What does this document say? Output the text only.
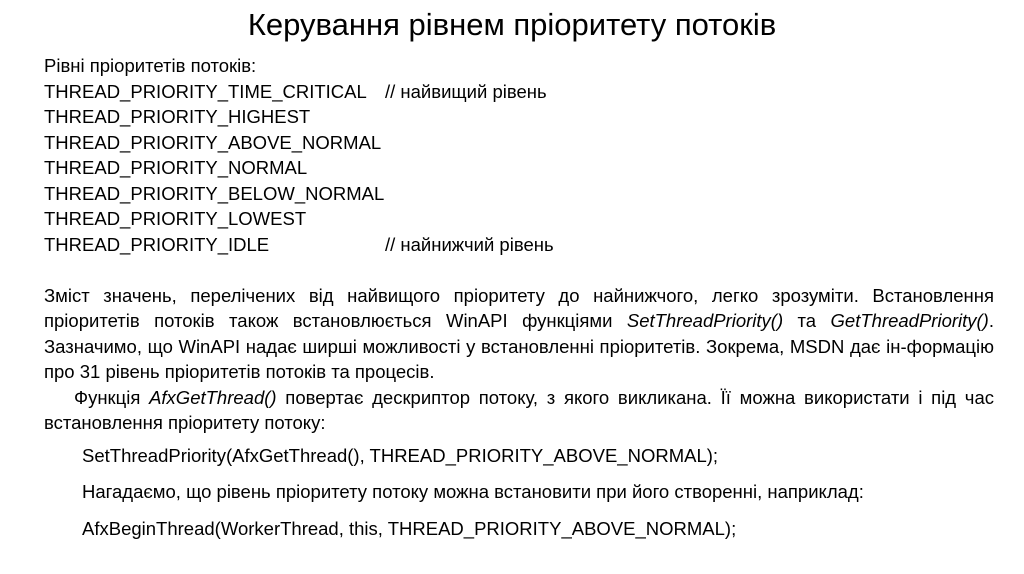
Керування рівнем пріоритету потоків
Рівні пріоритетів потоків:
THREAD_PRIORITY_TIME_CRITICAL // найвищий рівень
THREAD_PRIORITY_HIGHEST
THREAD_PRIORITY_ABOVE_NORMAL
THREAD_PRIORITY_NORMAL
THREAD_PRIORITY_BELOW_NORMAL
THREAD_PRIORITY_LOWEST
THREAD_PRIORITY_IDLE	// найнижчий рівень
Зміст значень, перелічених від найвищого пріоритету до найнижчого, легко зрозуміти. Встановлення пріоритетів потоків також встановлюється WinAPI функціями SetThreadPriority() та GetThreadPriority(). Зазначимо, що WinAPI надає ширші можливості у встановленні пріоритетів. Зокрема, MSDN дає ін-формацію про 31 рівень пріоритетів потоків та процесів.
Функція AfxGetThread() повертає дескриптор потоку, з якого викликана. Її можна використати і під час встановлення пріоритету потоку:
SetThreadPriority(AfxGetThread(), THREAD_PRIORITY_ABOVE_NORMAL);
Нагадаємо, що рівень пріоритету потоку можна встановити при його створенні, наприклад:
AfxBeginThread(WorkerThread, this, THREAD_PRIORITY_ABOVE_NORMAL);
